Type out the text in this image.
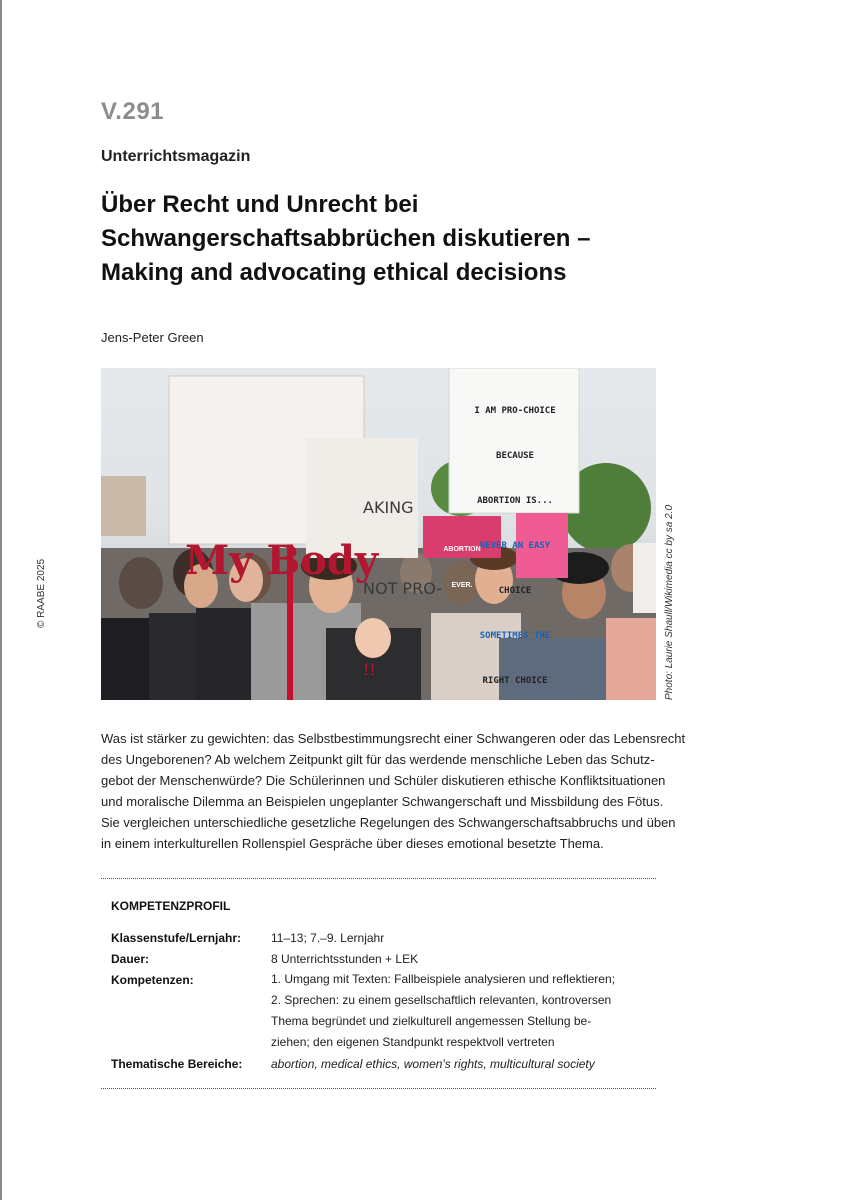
© RAABE 2025
V.291
Unterrichtsmagazin
Über Recht und Unrecht bei
Schwangerschaftsabbrüchen diskutieren –
Making and advocating ethical decisions
Jens-Peter Green

My Body

AKING

NOT PRO-

!!

I AM PRO-CHOICE

BECAUSE

ABORTION IS...

NEVER AN EASY

CHOICE

SOMETIMES THE

RIGHT CHOICE

ABORTION

EVER.

	Photo: Laurie Shaull/Wikimedia cc by sa 2.0
Was ist stärker zu gewichten: das Selbstbestimmungsrecht einer Schwangeren oder das Lebensrecht
des Ungeborenen? Ab welchem Zeitpunkt gilt für das werdende menschliche Leben das Schutz-
gebot der Menschenwürde? Die Schülerinnen und Schüler diskutieren ethische Konfliktsituationen
und moralische Dilemma an Beispielen ungeplanter Schwangerschaft und Missbildung des Fötus.
Sie vergleichen unterschiedliche gesetzliche Regelungen des Schwangerschaftsabbruchs und üben
in einem interkulturellen Rollenspiel Gespräche über dieses emotional besetzte Thema.
KOMPETENZPROFIL
Klassenstufe/Lernjahr: 11–13; 7.–9. Lernjahr
Dauer:	8 Unterrichtsstunden + LEK
Kompetenzen:	1. Umgang mit Texten: Fallbeispiele analysieren und reflektieren;
2. Sprechen: zu einem gesellschaftlich relevanten, kontroversen
Thema begründet und zielkulturell angemessen Stellung be-
ziehen; den eigenen Standpunkt respektvoll vertreten
Thematische Bereiche: abortion, medical ethics, women's rights, multicultural society
